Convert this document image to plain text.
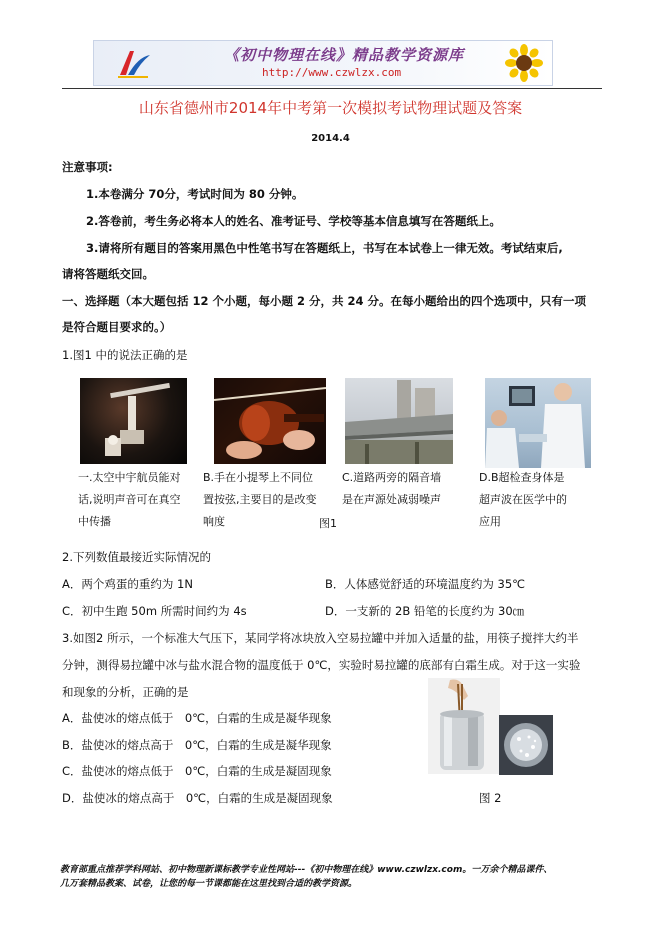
《初中物理在线》精品教学资源库
http://www.czwlzx.com
山东省德州市2014年中考第一次模拟考试物理试题及答案
2014.4
注意事项:
1.本卷满分 70分，考试时间为 80 分钟。
2.答卷前，考生务必将本人的姓名、准考证号、学校等基本信息填写在答题纸上。
3.请将所有题目的答案用黑色中性笔书写在答题纸上，书写在本试卷上一律无效。考试结束后,
请将答题纸交回。
一、选择题（本大题包括 12 个小题，每小题 2 分，共 24 分。在每小题给出的四个选项中，只有一项
是符合题目要求的。）
1.图1 中的说法正确的是
一.太空中宇航员能对
话,说明声音可在真空
中传播
B.手在小提琴上不同位
置按弦,主要目的是改变
响度
C.道路两旁的隔音墙
是在声源处减弱噪声
图1
D.B超检查身体是
超声波在医学中的
应用
2.下列数值最接近实际情况的
A．两个鸡蛋的重约为 1N	B．人体感觉舒适的环境温度约为 35℃
C．初中生跑 50m 所需时间约为 4s	D．一支新的 2B 铅笔的长度约为 30㎝
3.如图2 所示，一个标准大气压下，某同学将冰块放入空易拉罐中并加入适量的盐，用筷子搅拌大约半
分钟，测得易拉罐中冰与盐水混合物的温度低于 0℃，实验时易拉罐的底部有白霜生成。对于这一实验
和现象的分析，正确的是
A．盐使冰的熔点低于　0℃，白霜的生成是凝华现象
B．盐使冰的熔点高于　0℃，白霜的生成是凝华现象
C．盐使冰的熔点低于　0℃，白霜的生成是凝固现象
D．盐使冰的熔点高于　0℃，白霜的生成是凝固现象	图 2
教育部重点推荐学科网站、初中物理新课标教学专业性网站---《初中物理在线》www.czwlzx.com。一万余个精品课件、
几万套精品教案、试卷，让您的每一节课都能在这里找到合适的教学资源。
